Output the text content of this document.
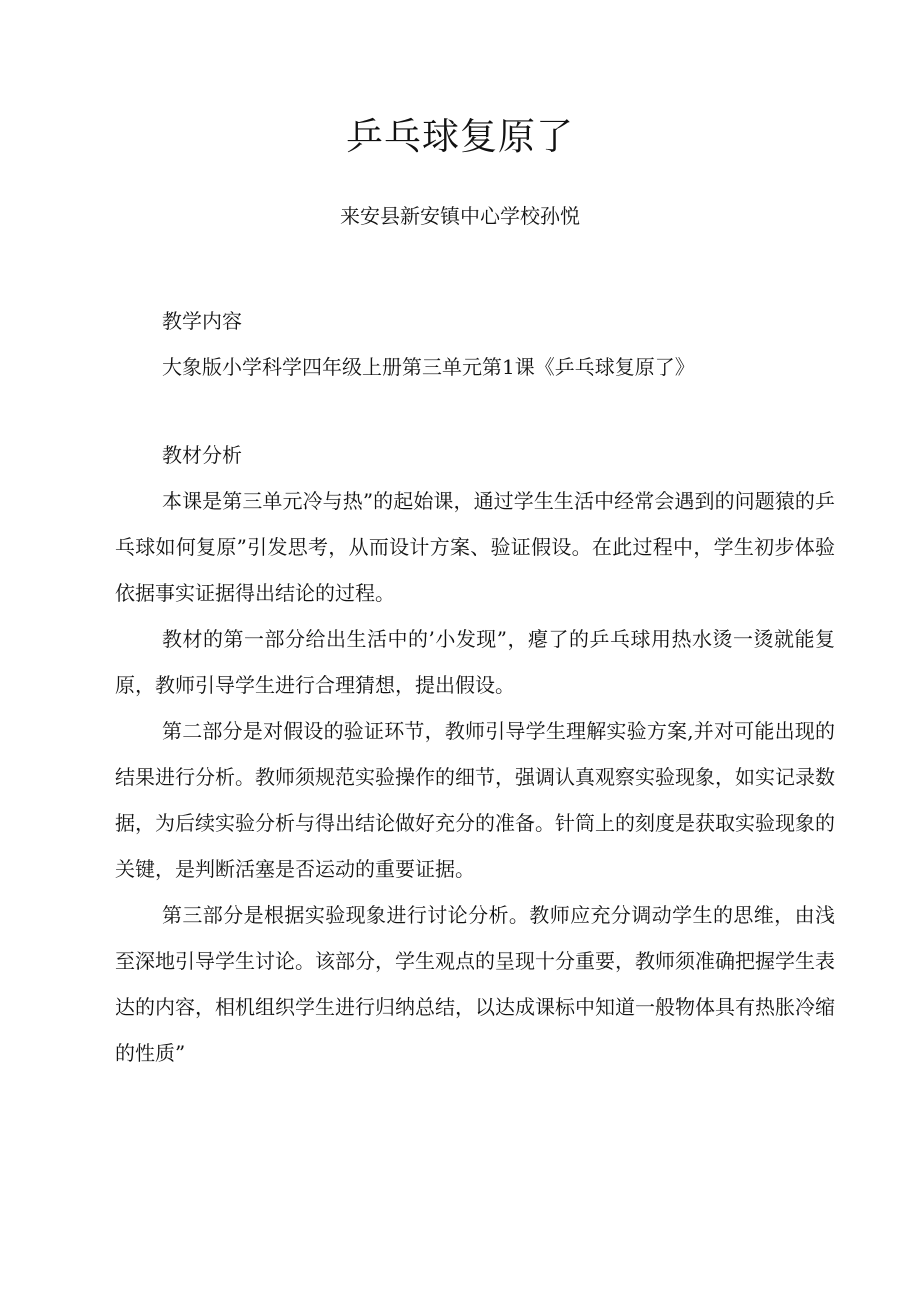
乒乓球复原了

来安县新安镇中心学校孙悦

教学内容

大象版小学科学四年级上册第三单元第1课《乒乓球复原了》

教材分析

本课是第三单元冷与热”的起始课，通过学生生活中经常会遇到的问题猿的乒乓球如何复原”引发思考，从而设计方案、验证假设。在此过程中，学生初步体验依据事实证据得出结论的过程。

教材的第一部分给出生活中的’小发现”，瘪了的乒乓球用热水烫一烫就能复原，教师引导学生进行合理猜想，提出假设。

第二部分是对假设的验证环节，教师引导学生理解实验方案,并对可能出现的结果进行分析。教师须规范实验操作的细节，强调认真观察实验现象，如实记录数据，为后续实验分析与得出结论做好充分的准备。针筒上的刻度是获取实验现象的关键，是判断活塞是否运动的重要证据。

第三部分是根据实验现象进行讨论分析。教师应充分调动学生的思维，由浅至深地引导学生讨论。该部分，学生观点的呈现十分重要，教师须准确把握学生表达的内容，相机组织学生进行归纳总结，以达成课标中知道一般物体具有热胀冷缩的性质”
